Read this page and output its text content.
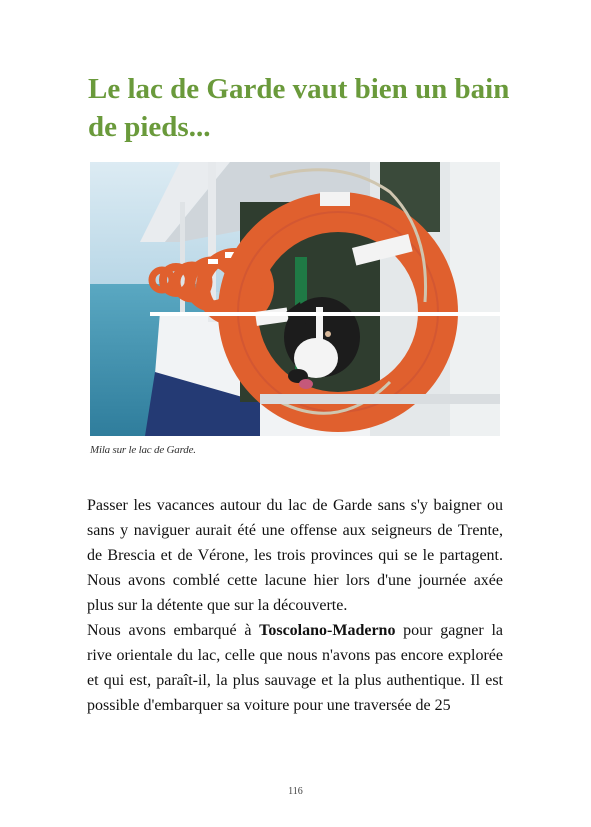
Le lac de Garde vaut bien un bain de pieds...
Mila sur le lac de Garde.

Passer les vacances autour du lac de Garde sans s'y baigner ou sans y naviguer aurait été une offense aux seigneurs de Trente, de Brescia et de Vérone, les trois provinces qui se le partagent. Nous avons comblé cette lacune hier lors d'une journée axée plus sur la détente que sur la découverte.

Nous avons embarqué à Toscolano-Maderno pour gagner la rive orientale du lac, celle que nous n'avons pas encore explorée et qui est, paraît-il, la plus sauvage et la plus authentique. Il est possible d'embarquer sa voiture pour une traversée de 25

116
